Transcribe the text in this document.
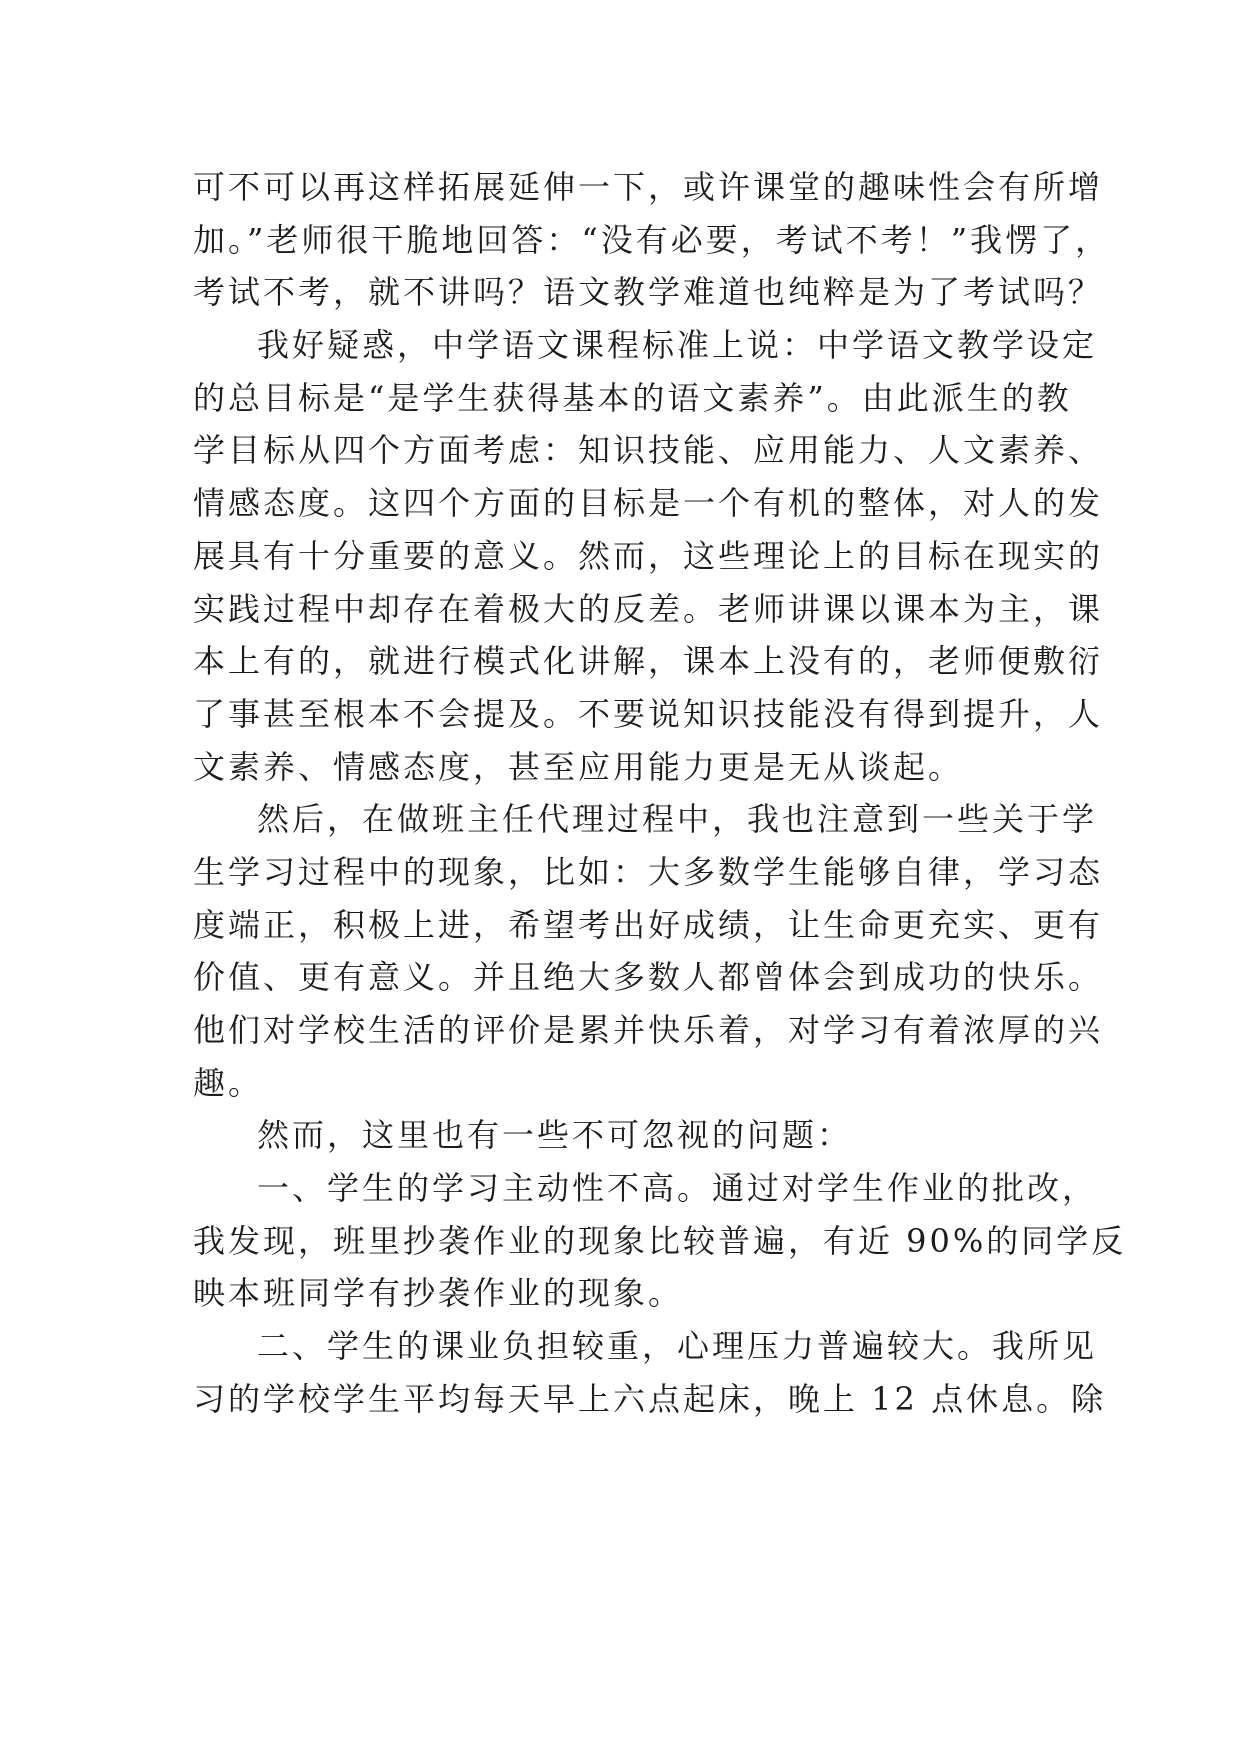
可不可以再这样拓展延伸一下，或许课堂的趣味性会有所增
加。”老师很干脆地回答：“没有必要，考试不考！”我愣了，
考试不考，就不讲吗？语文教学难道也纯粹是为了考试吗？
我好疑惑，中学语文课程标准上说：中学语文教学设定
的总目标是“是学生获得基本的语文素养”。由此派生的教
学目标从四个方面考虑：知识技能、应用能力、人文素养、
情感态度。这四个方面的目标是一个有机的整体，对人的发
展具有十分重要的意义。然而，这些理论上的目标在现实的
实践过程中却存在着极大的反差。老师讲课以课本为主，课
本上有的，就进行模式化讲解，课本上没有的，老师便敷衍
了事甚至根本不会提及。不要说知识技能没有得到提升，人
文素养、情感态度，甚至应用能力更是无从谈起。
然后，在做班主任代理过程中，我也注意到一些关于学
生学习过程中的现象，比如：大多数学生能够自律，学习态
度端正，积极上进，希望考出好成绩，让生命更充实、更有
价值、更有意义。并且绝大多数人都曾体会到成功的快乐。
他们对学校生活的评价是累并快乐着，对学习有着浓厚的兴
趣。
然而，这里也有一些不可忽视的问题：
一、学生的学习主动性不高。通过对学生作业的批改，
我发现，班里抄袭作业的现象比较普遍，有近 90%的同学反
映本班同学有抄袭作业的现象。
二、学生的课业负担较重，心理压力普遍较大。我所见
习的学校学生平均每天早上六点起床，晚上 12 点休息。除
